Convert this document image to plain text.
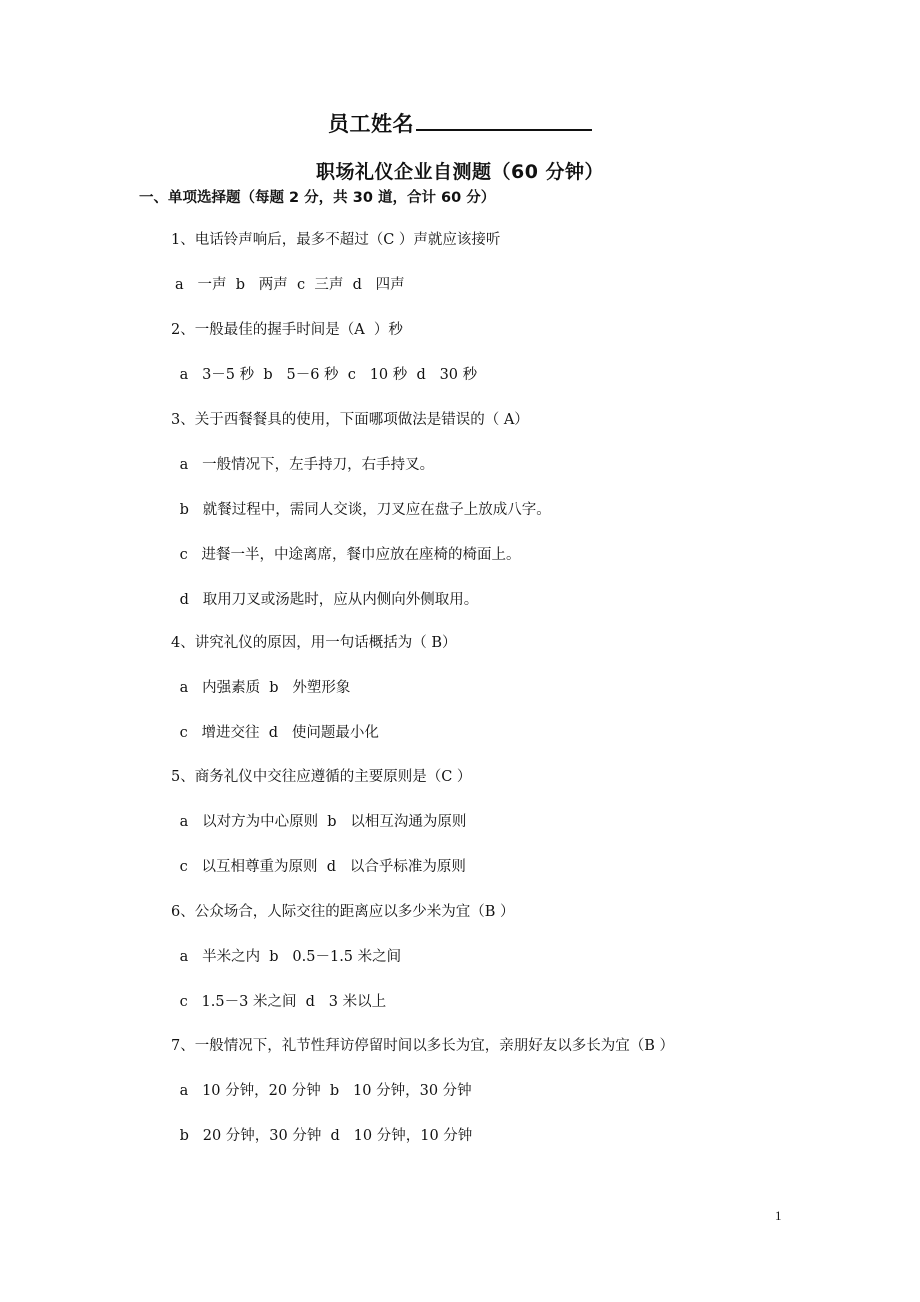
员工姓名
职场礼仪企业自测题（60 分钟）
一、单项选择题（每题 2 分，共 30 道，合计 60 分）
1、电话铃声响后，最多不超过（C ）声就应该接听
a   一声  b   两声  c  三声  d   四声
2、一般最佳的握手时间是（A  ）秒
a   3－5 秒  b   5－6 秒  c   10 秒  d   30 秒
3、关于西餐餐具的使用，下面哪项做法是错误的（ A）
a   一般情况下，左手持刀，右手持叉。
b   就餐过程中，需同人交谈，刀叉应在盘子上放成八字。
c   进餐一半，中途离席，餐巾应放在座椅的椅面上。
d   取用刀叉或汤匙时，应从内侧向外侧取用。
4、讲究礼仪的原因，用一句话概括为（ B）
a   内强素质  b   外塑形象
c   增进交往  d   使问题最小化
5、商务礼仪中交往应遵循的主要原则是（C ）
a   以对方为中心原则  b   以相互沟通为原则
c   以互相尊重为原则  d   以合乎标准为原则
6、公众场合，人际交往的距离应以多少米为宜（B ）
a   半米之内  b   0.5－1.5 米之间
c   1.5－3 米之间  d   3 米以上
7、一般情况下，礼节性拜访停留时间以多长为宜，亲朋好友以多长为宜（B ）
a   10 分钟，20 分钟  b   10 分钟，30 分钟
b   20 分钟，30 分钟  d   10 分钟，10 分钟
1
